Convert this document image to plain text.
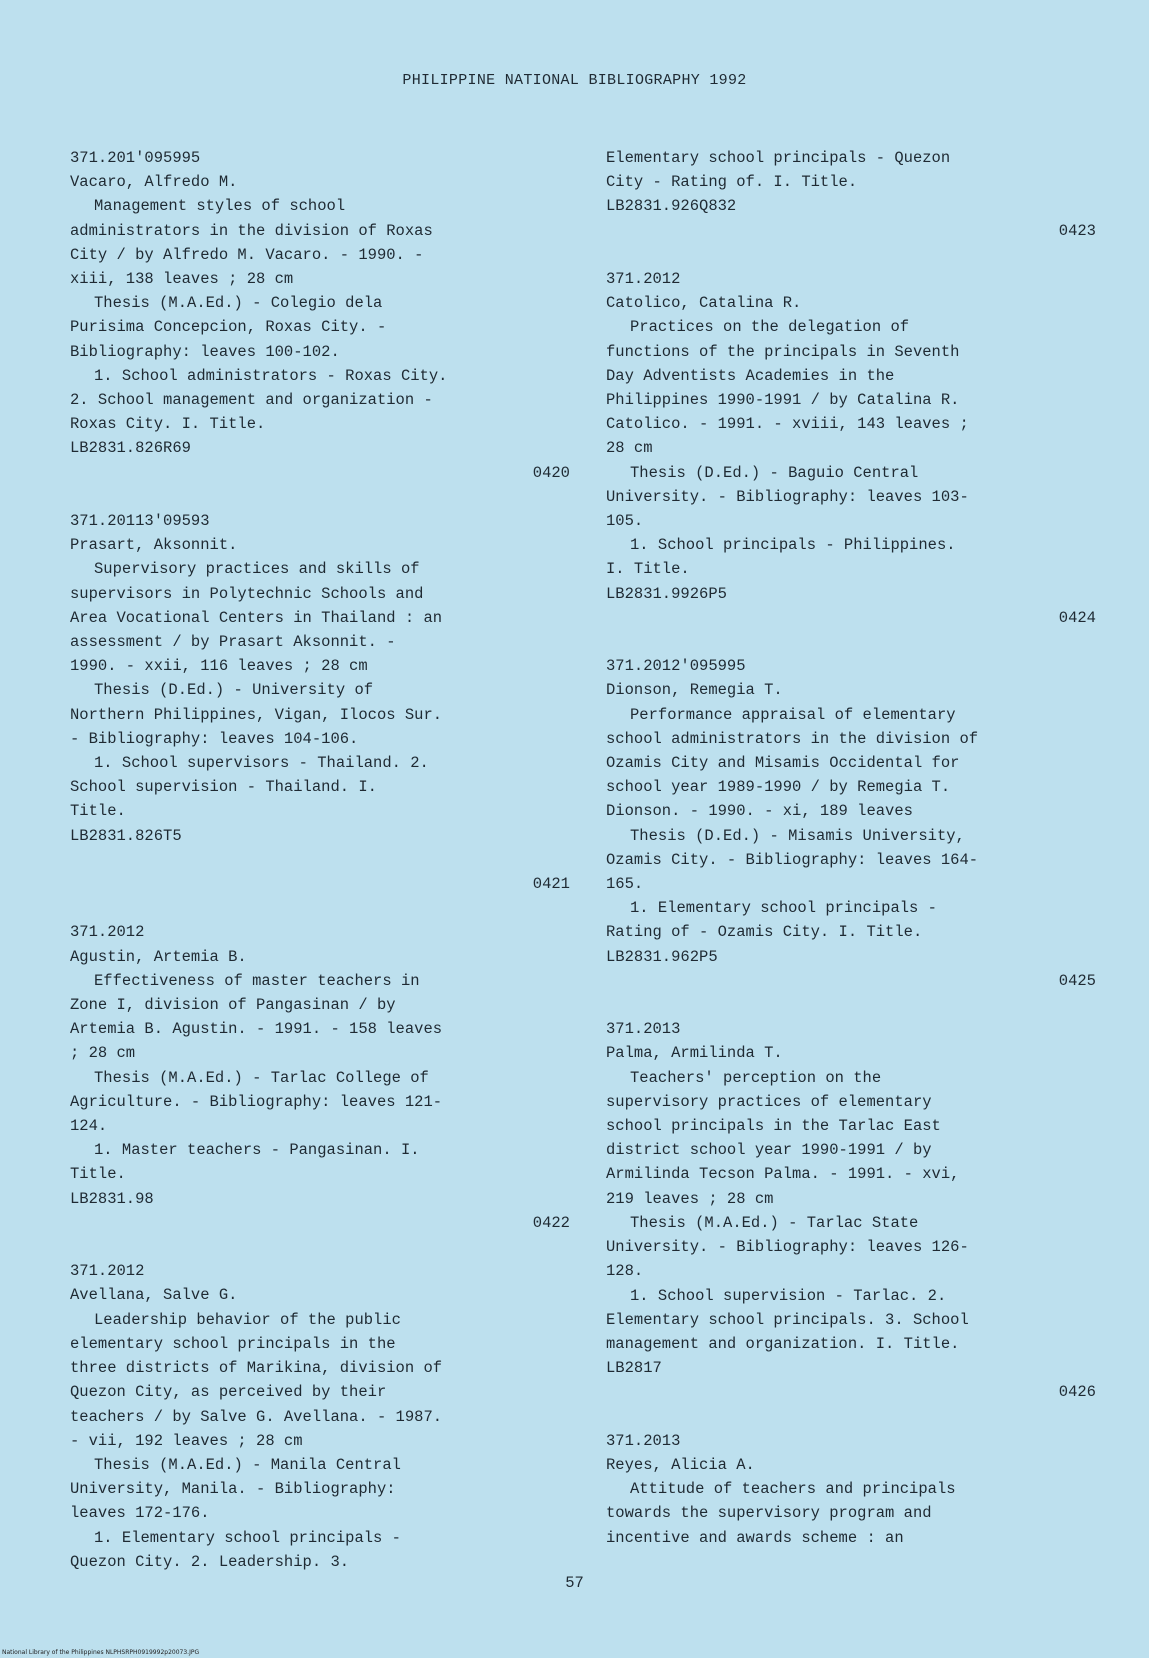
PHILIPPINE NATIONAL BIBLIOGRAPHY 1992
371.201'095995
Vacaro, Alfredo M.
Management styles of school
administrators in the division of Roxas
City / by Alfredo M. Vacaro. - 1990. -
xiii, 138 leaves ; 28 cm
Thesis (M.A.Ed.) - Colegio dela
Purisima Concepcion, Roxas City. -
Bibliography: leaves 100-102.
1. School administrators - Roxas City.
2. School management and organization -
Roxas City. I. Title.
LB2831.826R69
0420
371.20113'09593
Prasart, Aksonnit.
Supervisory practices and skills of
supervisors in Polytechnic Schools and
Area Vocational Centers in Thailand : an
assessment / by Prasart Aksonnit. -
1990. - xxii, 116 leaves ; 28 cm
Thesis (D.Ed.) - University of
Northern Philippines, Vigan, Ilocos Sur.
- Bibliography: leaves 104-106.
1. School supervisors - Thailand. 2.
School supervision - Thailand. I.
Title.
LB2831.826T5
0421
371.2012
Agustin, Artemia B.
Effectiveness of master teachers in
Zone I, division of Pangasinan / by
Artemia B. Agustin. - 1991. - 158 leaves
; 28 cm
Thesis (M.A.Ed.) - Tarlac College of
Agriculture. - Bibliography: leaves 121-
124.
1. Master teachers - Pangasinan. I.
Title.
LB2831.98
0422
371.2012
Avellana, Salve G.
Leadership behavior of the public
elementary school principals in the
three districts of Marikina, division of
Quezon City, as perceived by their
teachers / by Salve G. Avellana. - 1987.
- vii, 192 leaves ; 28 cm
Thesis (M.A.Ed.) - Manila Central
University, Manila. - Bibliography:
leaves 172-176.
1. Elementary school principals -
Quezon City. 2. Leadership. 3.
Elementary school principals - Quezon
City - Rating of. I. Title.
LB2831.926Q832
0423
371.2012
Catolico, Catalina R.
Practices on the delegation of
functions of the principals in Seventh
Day Adventists Academies in the
Philippines 1990-1991 / by Catalina R.
Catolico. - 1991. - xviii, 143 leaves ;
28 cm
Thesis (D.Ed.) - Baguio Central
University. - Bibliography: leaves 103-
105.
1. School principals - Philippines.
I. Title.
LB2831.9926P5
0424
371.2012'095995
Dionson, Remegia T.
Performance appraisal of elementary
school administrators in the division of
Ozamis City and Misamis Occidental for
school year 1989-1990 / by Remegia T.
Dionson. - 1990. - xi, 189 leaves
Thesis (D.Ed.) - Misamis University,
Ozamis City. - Bibliography: leaves 164-
165.
1. Elementary school principals -
Rating of - Ozamis City. I. Title.
LB2831.962P5
0425
371.2013
Palma, Armilinda T.
Teachers' perception on the
supervisory practices of elementary
school principals in the Tarlac East
district school year 1990-1991 / by
Armilinda Tecson Palma. - 1991. - xvi,
219 leaves ; 28 cm
Thesis (M.A.Ed.) - Tarlac State
University. - Bibliography: leaves 126-
128.
1. School supervision - Tarlac. 2.
Elementary school principals. 3. School
management and organization. I. Title.
LB2817
0426
371.2013
Reyes, Alicia A.
Attitude of teachers and principals
towards the supervisory program and
incentive and awards scheme : an
57
National Library of the Philippines NLPHSRPH0919992p20073.JPG
